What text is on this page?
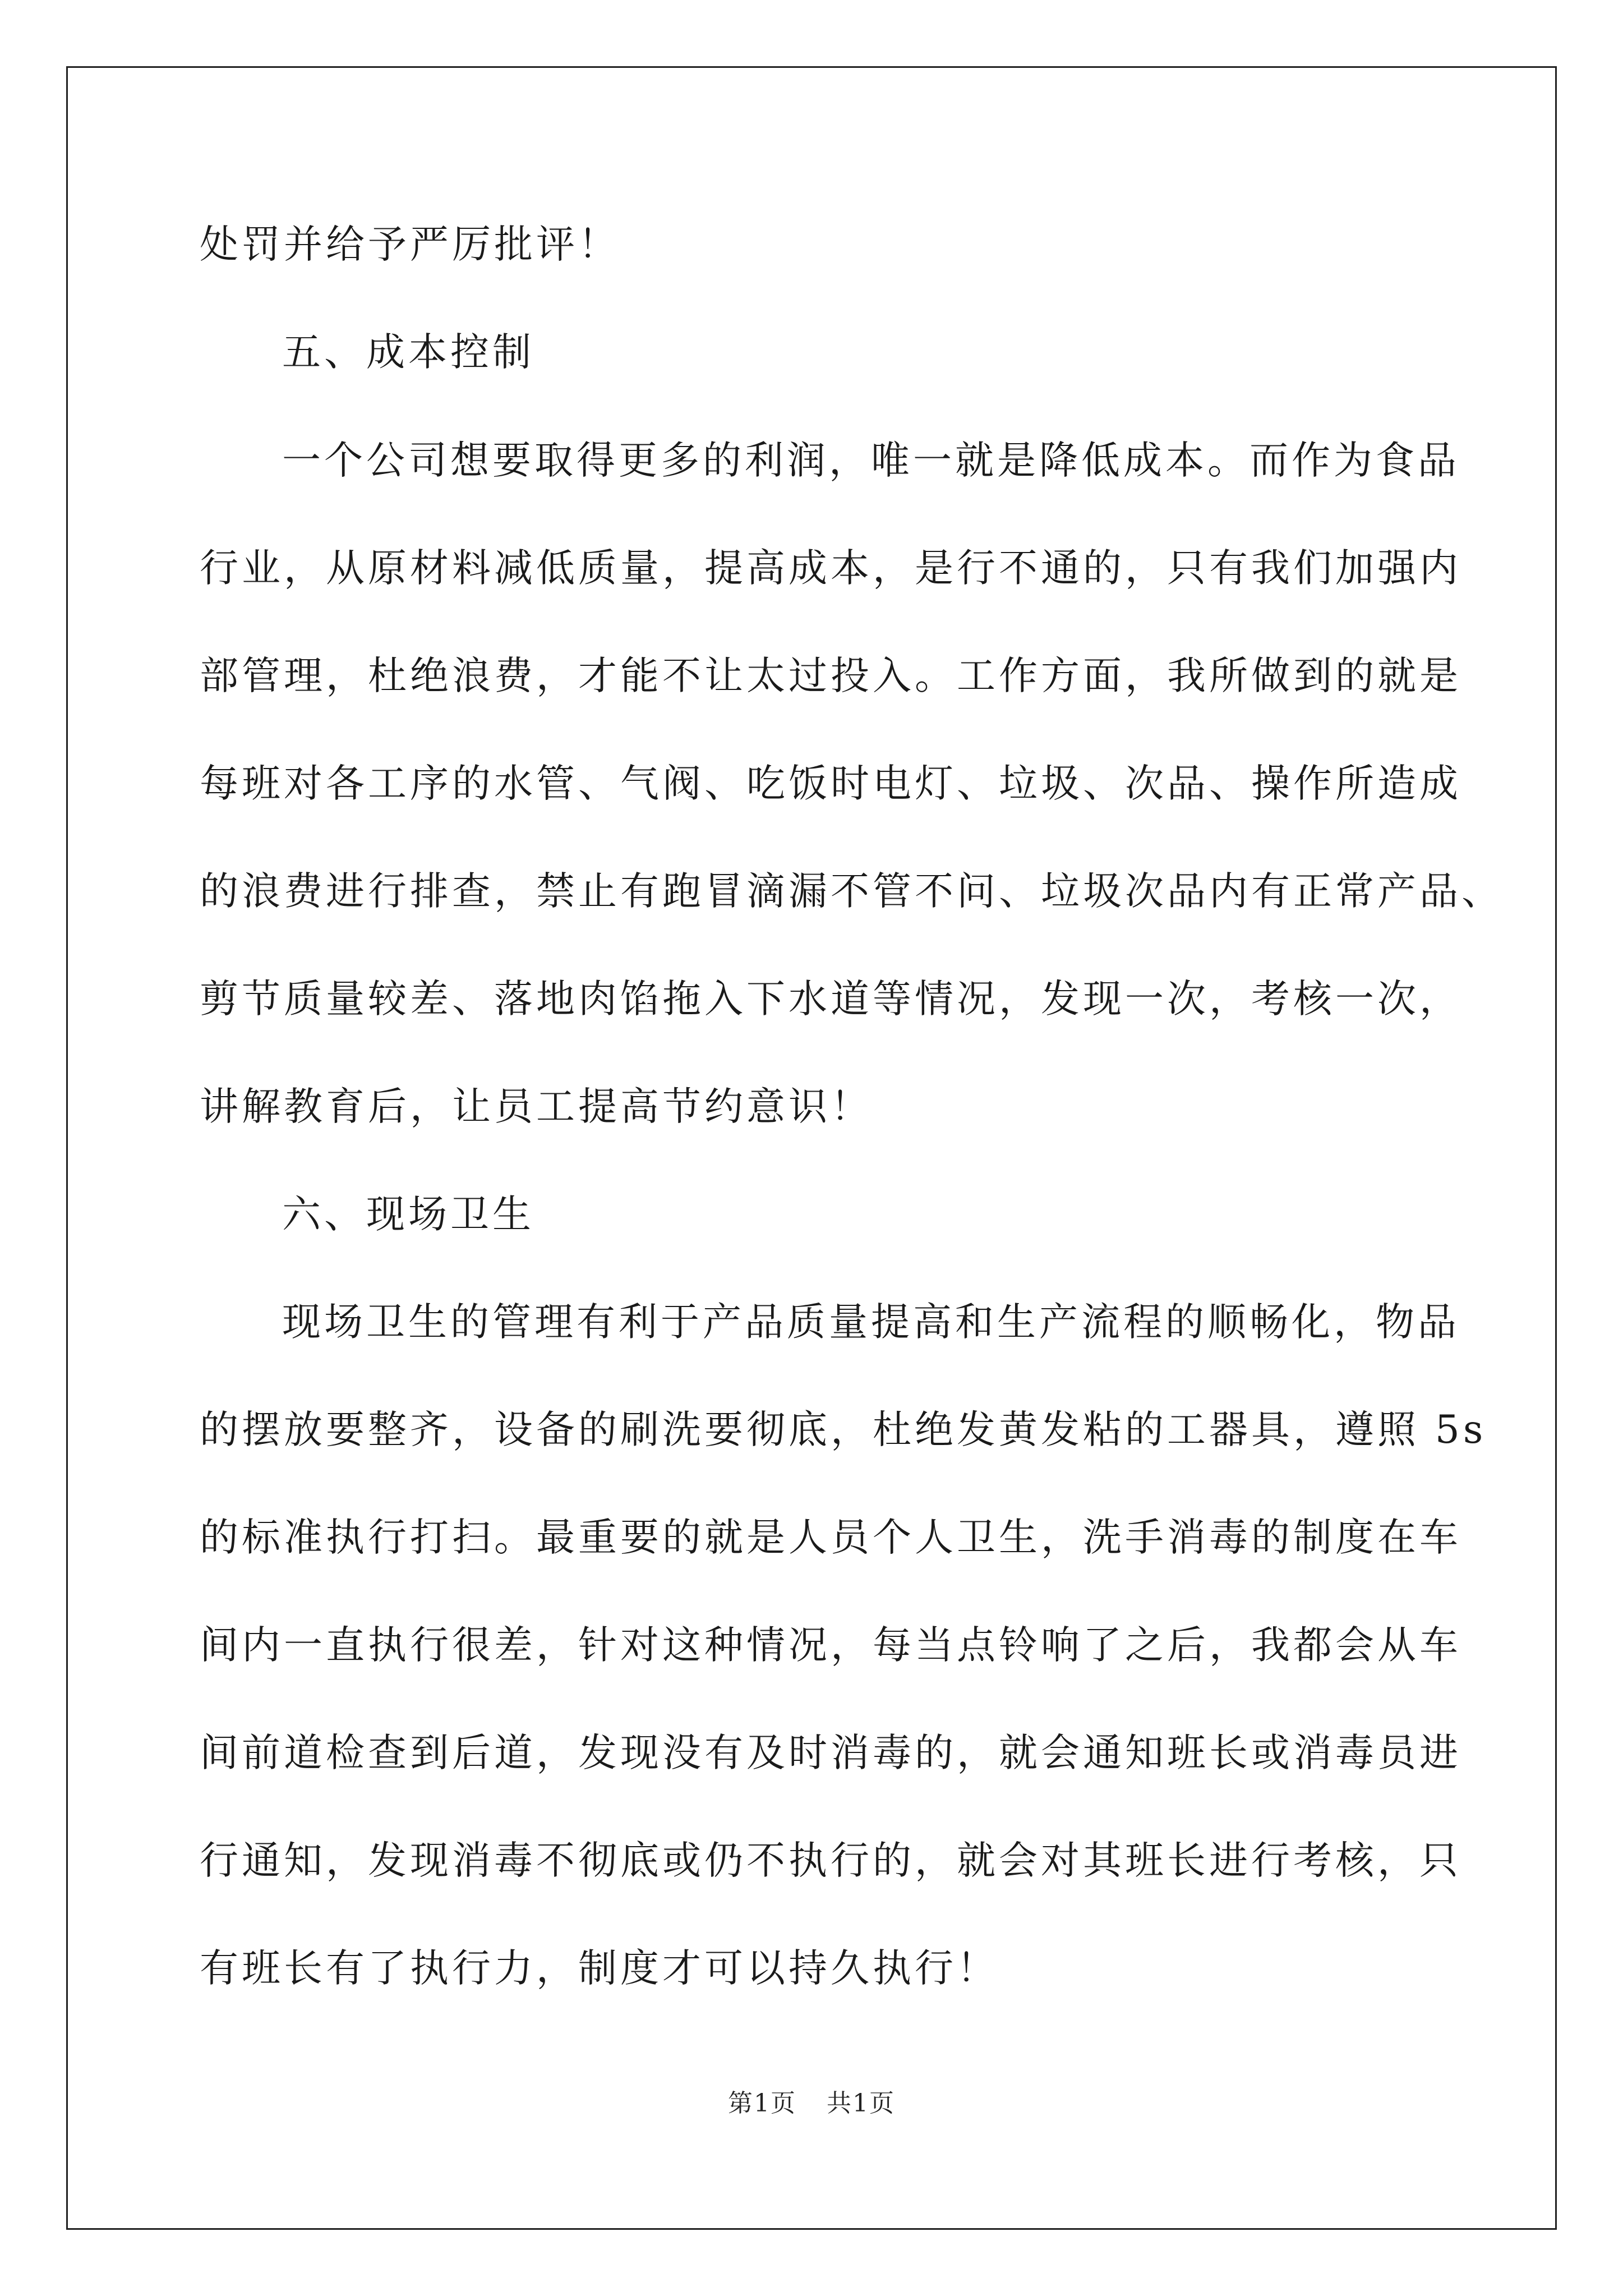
处罚并给予严厉批评！
五、成本控制
一个公司想要取得更多的利润，唯一就是降低成本。而作为食品
行业，从原材料减低质量，提高成本，是行不通的，只有我们加强内
部管理，杜绝浪费，才能不让太过投入。工作方面，我所做到的就是
每班对各工序的水管、气阀、吃饭时电灯、垃圾、次品、操作所造成
的浪费进行排查，禁止有跑冒滴漏不管不问、垃圾次品内有正常产品、
剪节质量较差、落地肉馅拖入下水道等情况，发现一次，考核一次，
讲解教育后，让员工提高节约意识！
六、现场卫生
现场卫生的管理有利于产品质量提高和生产流程的顺畅化，物品
的摆放要整齐，设备的刷洗要彻底，杜绝发黄发粘的工器具，遵照 5s
的标准执行打扫。最重要的就是人员个人卫生，洗手消毒的制度在车
间内一直执行很差，针对这种情况，每当点铃响了之后，我都会从车
间前道检查到后道，发现没有及时消毒的，就会通知班长或消毒员进
行通知，发现消毒不彻底或仍不执行的，就会对其班长进行考核，只
有班长有了执行力，制度才可以持久执行！
第1页 共1页
